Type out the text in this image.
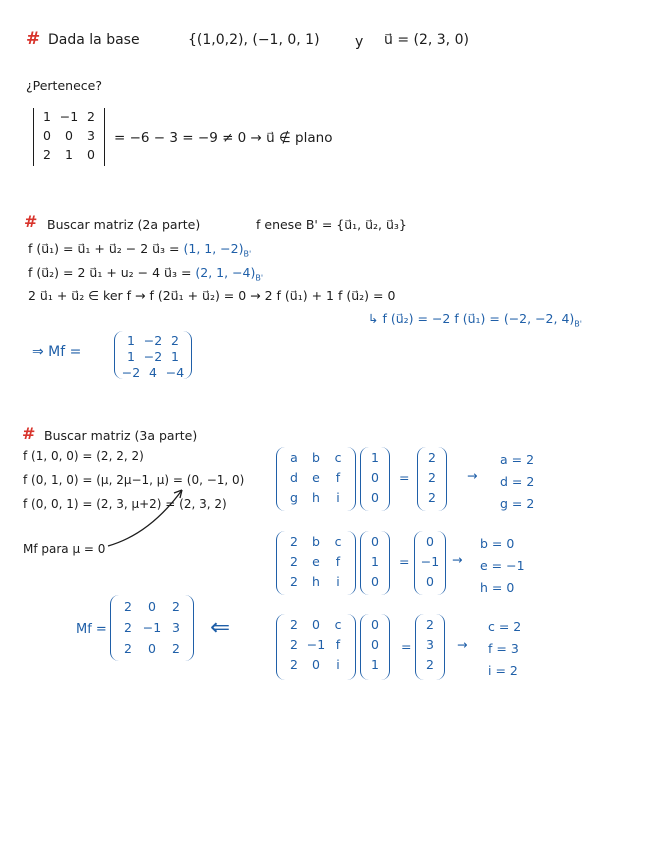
# Dada la base	{(1,0,2), (−1, 0, 1)	y u⃗ = (2, 3, 0)
¿Pertenece?
1 −1 2
0	0	3
2	1	0
= −6 − 3 = −9 ≠ 0 → u⃗ ∉ plano
# Buscar matriz (2a parte)	f enese B' = {u⃗₁, u⃗₂, u⃗₃}
f (u⃗₁) = u⃗₁ + u⃗₂ − 2 u⃗₃ = (1, 1, $-2)_{B'}$
f (u⃗₂) = 2 u⃗₁ + u₂ − 4 u⃗₃ = (2, 1, $-4)_{B'}$
2 u⃗₁ + u⃗₂ ∈ ker f → f (2u⃗₁ + u⃗₂) = 0 → 2 f (u⃗₁) + 1 f (u⃗₂) = 0
↳ f (u⃗₂) = −2 f (u⃗₁) = (−2, −2, $4)_{B'}$
⇒ Mf =
1 −2 2
1 −2 1
−2 4 −4
# Buscar matriz (3a parte)
f (1, 0, 0) = (2, 2, 2)
f (0, 1, 0) = (μ, 2μ−1, μ) = (0, −1, 0)
f (0, 0, 1) = (2, 3, μ+2) = (2, 3, 2)
Mf para μ = 0
Mf =
2	0	2
2 −1 3
2	0	2
⇐
a	b	c
d	e	f
g	h	i
1
0
0
=
2
2
2
→
a = 2
d = 2
g = 2
2	b	c
2	e	f
2	h	i
0
1
0
=
0
−1
0
→
b = 0
e = −1
h = 0
2	0	c
2 −1 f
2	0	i
0
0
1
=
2
3
2
→
c = 2
f = 3
i = 2
